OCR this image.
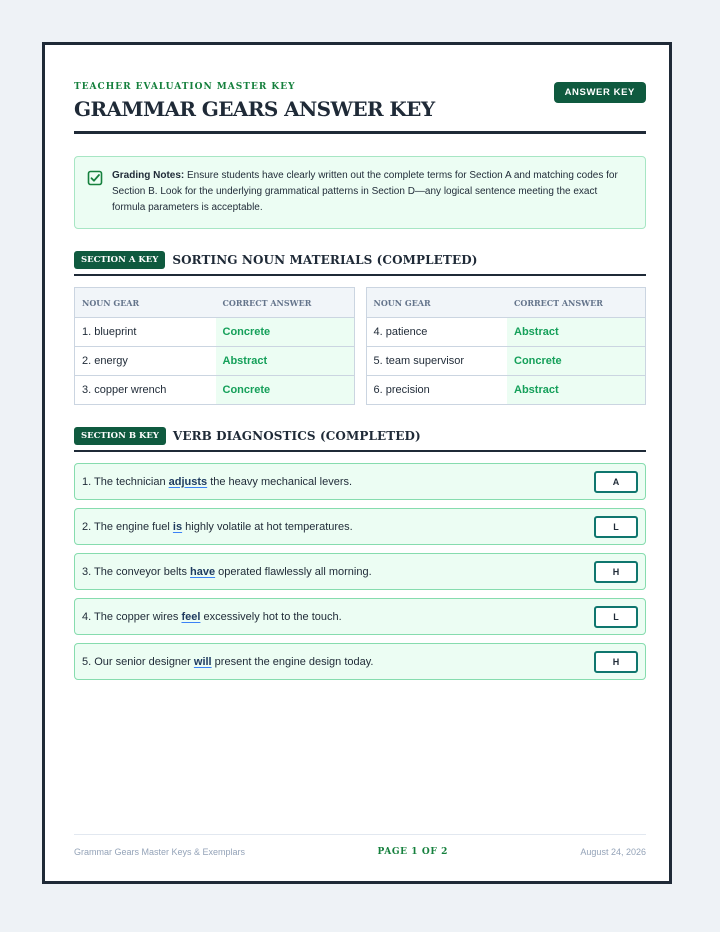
TEACHER EVALUATION MASTER KEY	ANSWER KEY
GRAMMAR GEARS ANSWER KEY
Grading Notes: Ensure students have clearly written out the complete terms for Section A and matching codes for Section B. Look for the underlying grammatical patterns in Section D—any logical sentence meeting the exact formula parameters is acceptable.
SECTION A KEY	SORTING NOUN MATERIALS (COMPLETED)
NOUN GEAR	CORRECT ANSWER
1. blueprint	Concrete
2. energy	Abstract
3. copper wrench	Concrete
NOUN GEAR	CORRECT ANSWER
4. patience	Abstract
5. team supervisor	Concrete
6. precision	Abstract
SECTION B KEY	VERB DIAGNOSTICS (COMPLETED)
1. The technician adjusts the heavy mechanical levers.	A
2. The engine fuel is highly volatile at hot temperatures.	L
3. The conveyor belts have operated flawlessly all morning.	H
4. The copper wires feel excessively hot to the touch.	L
5. Our senior designer will present the engine design today.	H
Grammar Gears Master Keys & Exemplars	PAGE 1 OF 2	August 24, 2026
